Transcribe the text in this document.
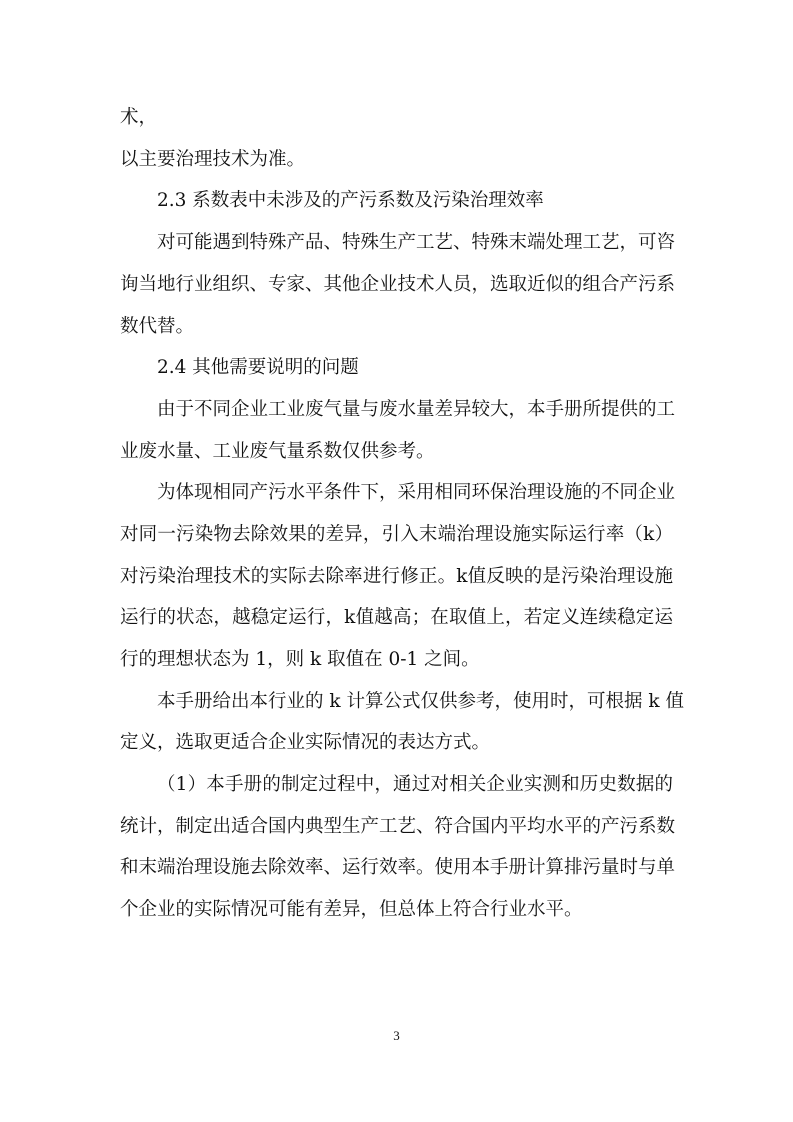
术，
以主要治理技术为准。
2.3 系数表中未涉及的产污系数及污染治理效率
对可能遇到特殊产品、特殊生产工艺、特殊末端处理工艺，可咨
询当地行业组织、专家、其他企业技术人员，选取近似的组合产污系
数代替。
2.4 其他需要说明的问题
由于不同企业工业废气量与废水量差异较大，本手册所提供的工
业废水量、工业废气量系数仅供参考。
为体现相同产污水平条件下，采用相同环保治理设施的不同企业
对同一污染物去除效果的差异，引入末端治理设施实际运行率（k）
对污染治理技术的实际去除率进行修正。k值反映的是污染治理设施
运行的状态，越稳定运行，k值越高；在取值上，若定义连续稳定运
行的理想状态为 1，则 k 取值在 0-1 之间。
本手册给出本行业的 k 计算公式仅供参考，使用时，可根据 k 值
定义，选取更适合企业实际情况的表达方式。
（1）本手册的制定过程中，通过对相关企业实测和历史数据的
统计，制定出适合国内典型生产工艺、符合国内平均水平的产污系数
和末端治理设施去除效率、运行效率。使用本手册计算排污量时与单
个企业的实际情况可能有差异，但总体上符合行业水平。
3
